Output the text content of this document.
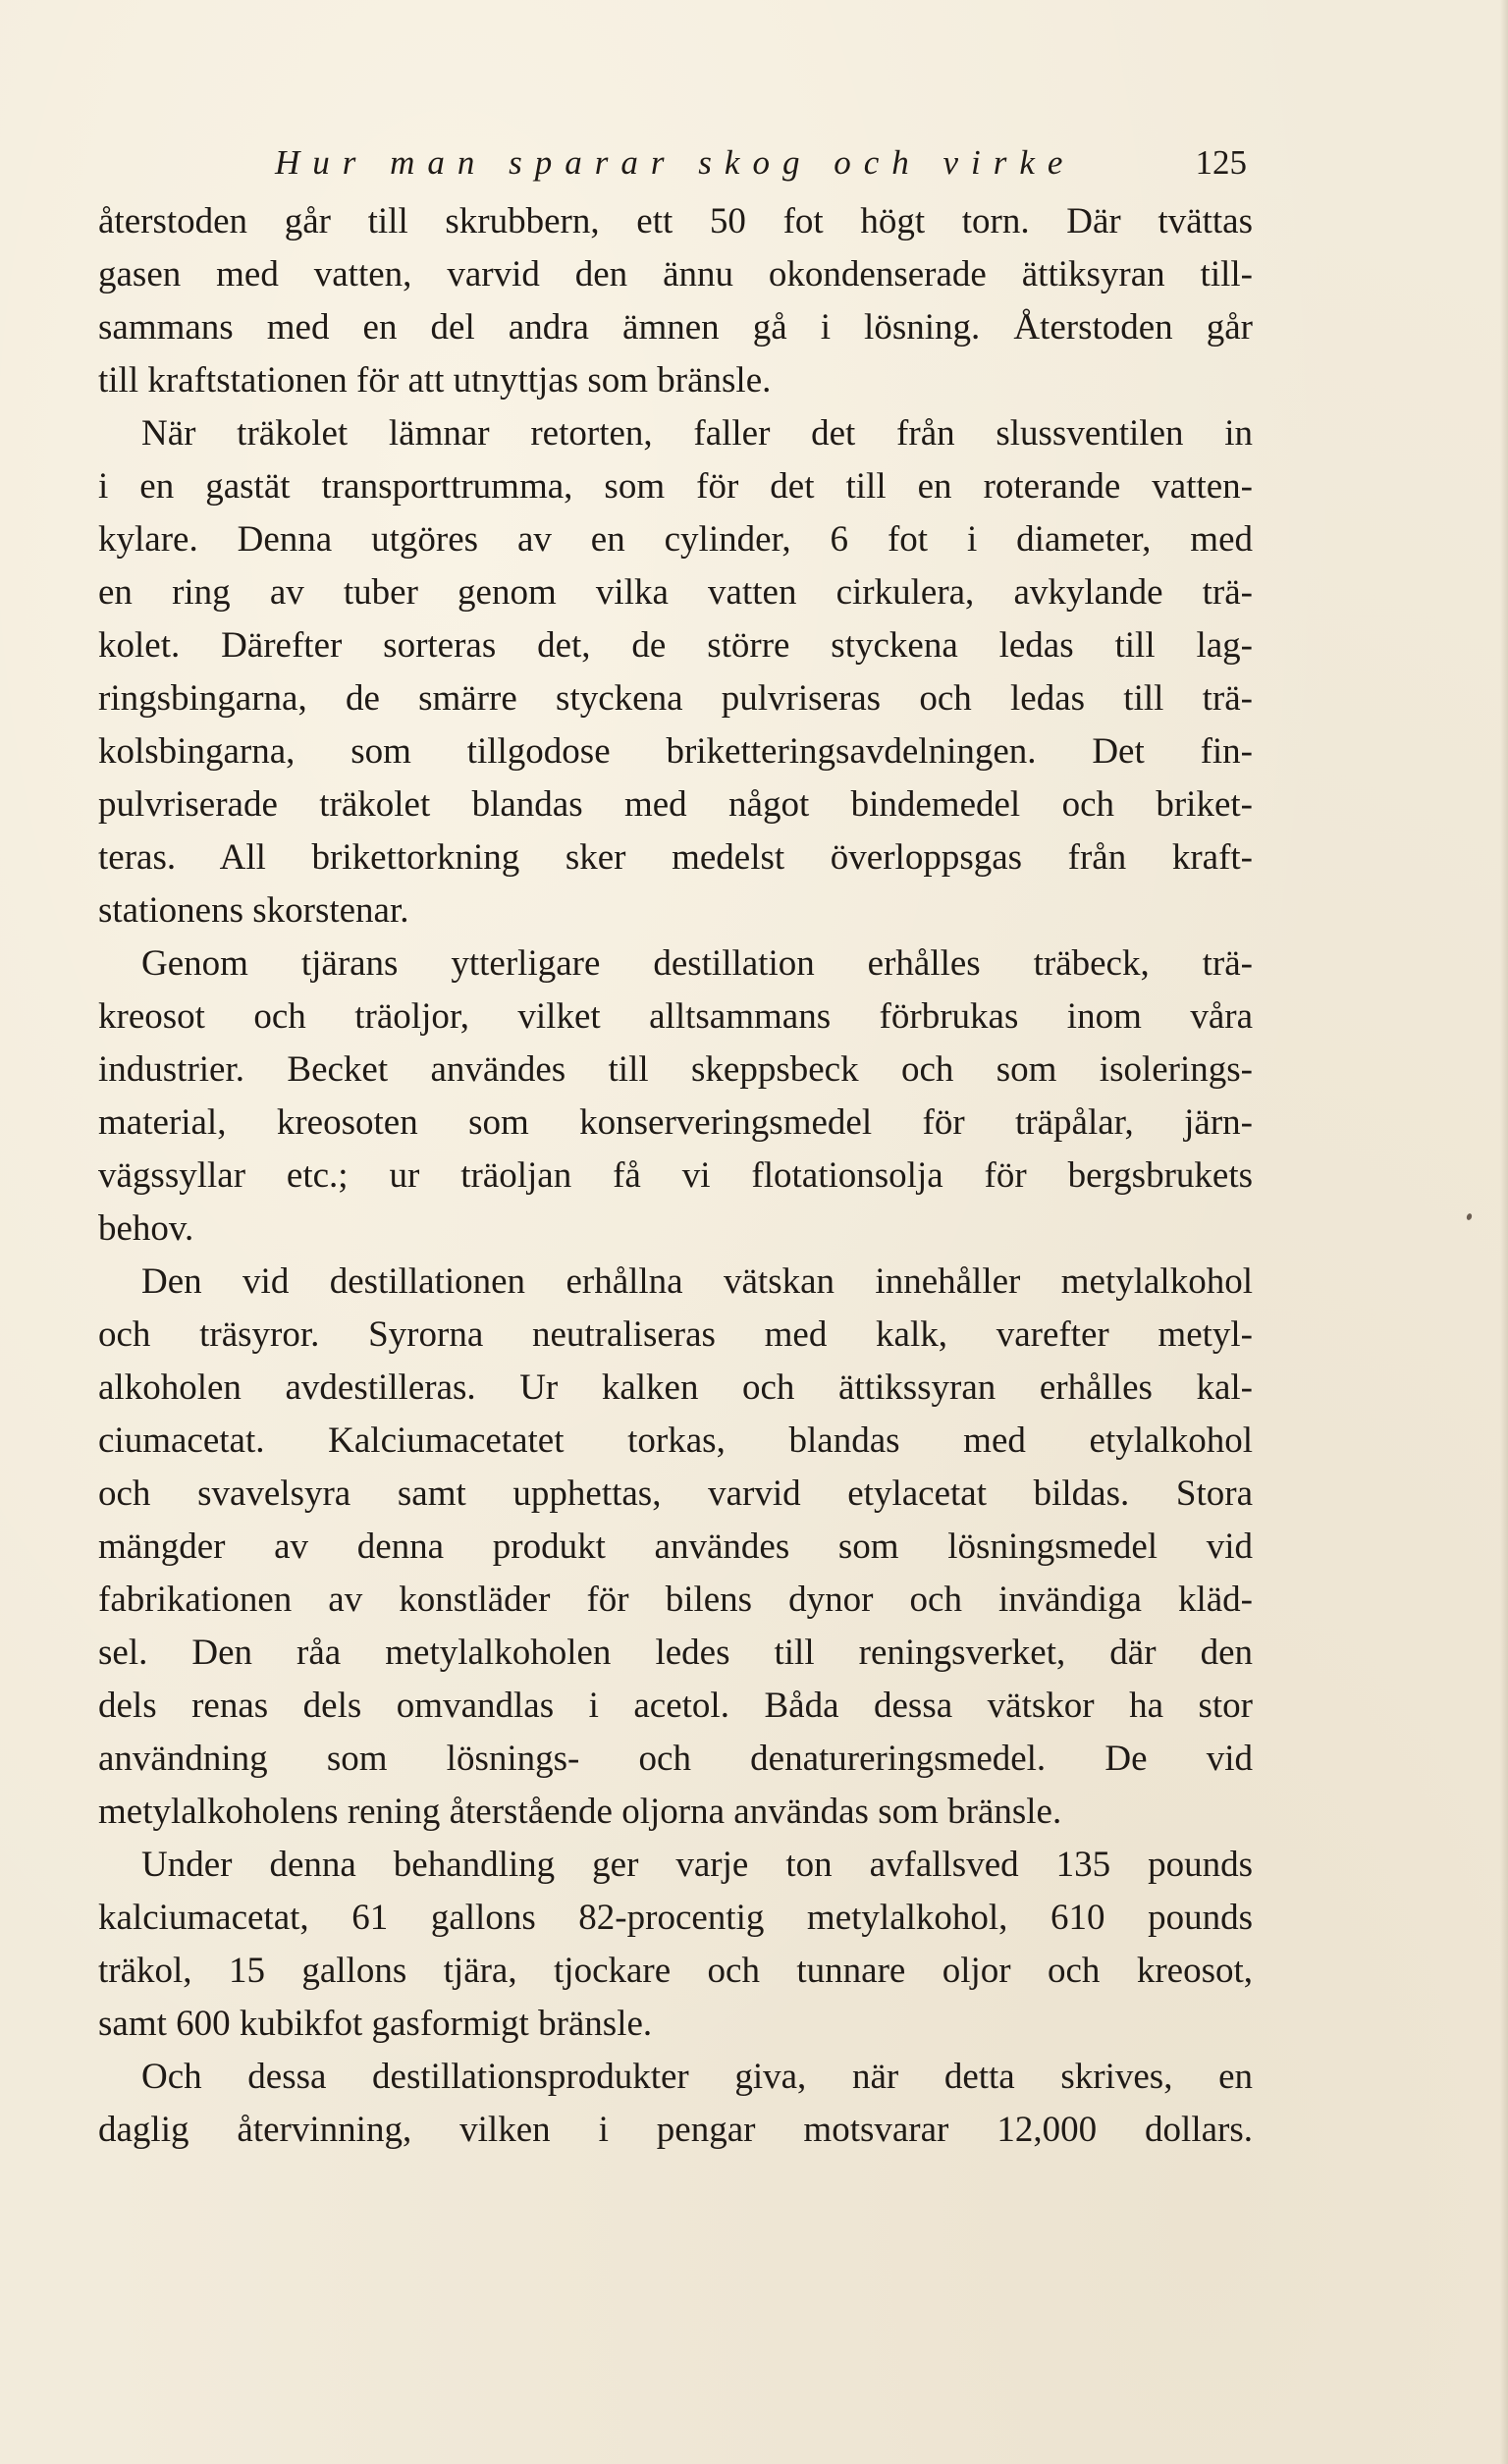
Hur man sparar skog och virke	125
återstoden går till skrubbern, ett 50 fot högt torn. Där tvättas
gasen med vatten, varvid den ännu okondenserade ättiksyran till-
sammans med en del andra ämnen gå i lösning. Återstoden går
till kraftstationen för att utnyttjas som bränsle.
När träkolet lämnar retorten, faller det från slussventilen in
i en gastät transporttrumma, som för det till en roterande vatten-
kylare. Denna utgöres av en cylinder, 6 fot i diameter, med
en ring av tuber genom vilka vatten cirkulera, avkylande trä-
kolet. Därefter sorteras det, de större styckena ledas till lag-
ringsbingarna, de smärre styckena pulvriseras och ledas till trä-
kolsbingarna, som tillgodose briketteringsavdelningen. Det fin-
pulvriserade träkolet blandas med något bindemedel och briket-
teras. All brikettorkning sker medelst överloppsgas från kraft-
stationens skorstenar.
Genom tjärans ytterligare destillation erhålles träbeck, trä-
kreosot och träoljor, vilket alltsammans förbrukas inom våra
industrier. Becket användes till skeppsbeck och som isolerings-
material, kreosoten som konserveringsmedel för träpålar, järn-
vägssyllar etc.; ur träoljan få vi flotationsolja för bergsbrukets
behov.
Den vid destillationen erhållna vätskan innehåller metylalkohol
och träsyror. Syrorna neutraliseras med kalk, varefter metyl-
alkoholen avdestilleras. Ur kalken och ättikssyran erhålles kal-
ciumacetat. Kalciumacetatet torkas, blandas med etylalkohol
och svavelsyra samt upphettas, varvid etylacetat bildas. Stora
mängder av denna produkt användes som lösningsmedel vid
fabrikationen av konstläder för bilens dynor och invändiga kläd-
sel. Den råa metylalkoholen ledes till reningsverket, där den
dels renas dels omvandlas i acetol. Båda dessa vätskor ha stor
användning som lösnings- och denatureringsmedel. De vid
metylalkoholens rening återstående oljorna användas som bränsle.
Under denna behandling ger varje ton avfallsved 135 pounds
kalciumacetat, 61 gallons 82-procentig metylalkohol, 610 pounds
träkol, 15 gallons tjära, tjockare och tunnare oljor och kreosot,
samt 600 kubikfot gasformigt bränsle.
Och dessa destillationsprodukter giva, när detta skrives, en
daglig återvinning, vilken i pengar motsvarar 12,000 dollars.
